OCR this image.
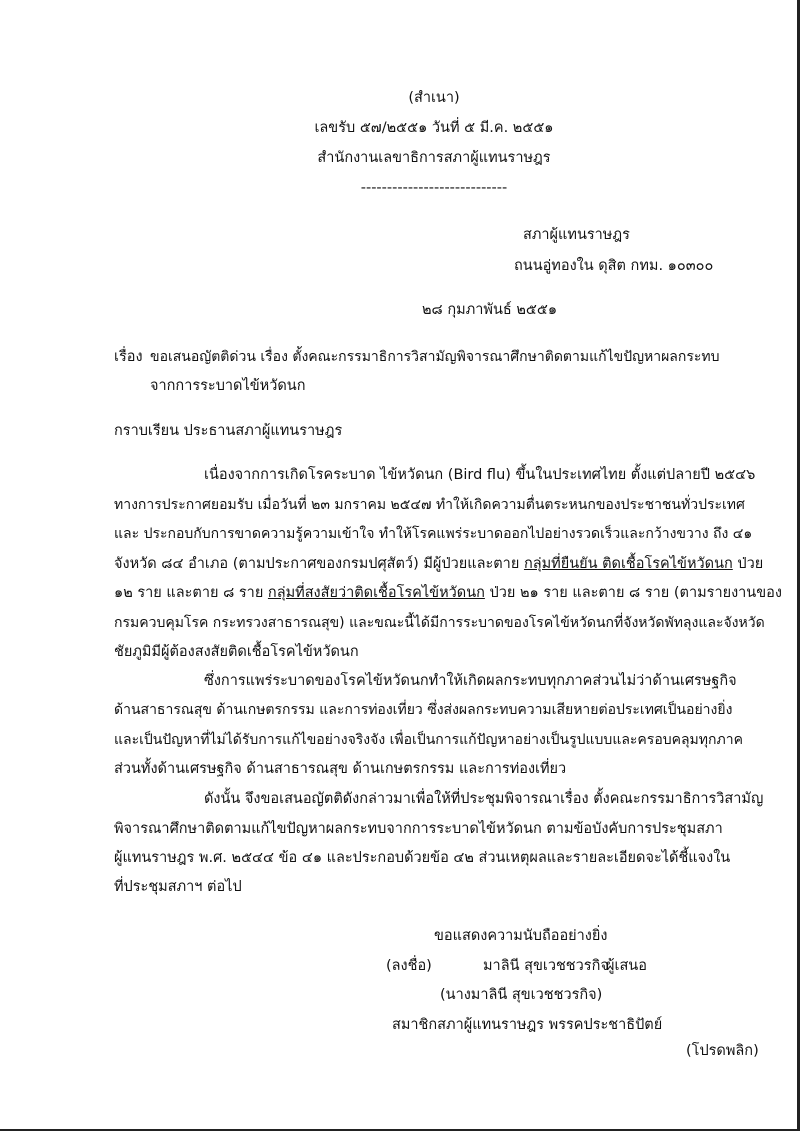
(สำเนา)
เลขรับ ๕๗/๒๕๕๑ วันที่ ๕ มี.ค. ๒๕๕๑
สำนักงานเลขาธิการสภาผู้แทนราษฎร
----------------------------
สภาผู้แทนราษฎร
ถนนอู่ทองใน ดุสิต กทม. ๑๐๓๐๐
๒๘ กุมภาพันธ์ ๒๕๕๑
เรื่อง ขอเสนอญัตติด่วน เรื่อง ตั้งคณะกรรมาธิการวิสามัญพิจารณาศึกษาติดตามแก้ไขปัญหาผลกระทบ
จากการระบาดไข้หวัดนก
กราบเรียน ประธานสภาผู้แทนราษฎร
เนื่องจากการเกิดโรคระบาด ไข้หวัดนก (Bird flu) ขึ้นในประเทศไทย ตั้งแต่ปลายปี ๒๕๔๖
ทางการประกาศยอมรับ เมื่อวันที่ ๒๓ มกราคม ๒๕๔๗ ทำให้เกิดความตื่นตระหนกของประชาชนทั่วประเทศ
และ ประกอบกับการขาดความรู้ความเข้าใจ ทำให้โรคแพร่ระบาดออกไปอย่างรวดเร็วและกว้างขวาง ถึง ๔๑
จังหวัด ๘๔ อำเภอ (ตามประกาศของกรมปศุสัตว์) มีผู้ป่วยและตาย กลุ่มที่ยืนยัน ติดเชื้อโรคไข้หวัดนก ป่วย
๑๒ ราย และตาย ๘ ราย กลุ่มที่สงสัยว่าติดเชื้อโรคไข้หวัดนก ป่วย ๒๑ ราย และตาย ๘ ราย (ตามรายงานของ
กรมควบคุมโรค กระทรวงสาธารณสุข) และขณะนี้ได้มีการระบาดของโรคไข้หวัดนกที่จังหวัดพัทลุงและจังหวัด
ชัยภูมิมีผู้ต้องสงสัยติดเชื้อโรคไข้หวัดนก
ซึ่งการแพร่ระบาดของโรคไข้หวัดนกทำให้เกิดผลกระทบทุกภาคส่วนไม่ว่าด้านเศรษฐกิจ
ด้านสาธารณสุข ด้านเกษตรกรรม และการท่องเที่ยว ซึ่งส่งผลกระทบความเสียหายต่อประเทศเป็นอย่างยิ่ง
และเป็นปัญหาที่ไม่ได้รับการแก้ไขอย่างจริงจัง เพื่อเป็นการแก้ปัญหาอย่างเป็นรูปแบบและครอบคลุมทุกภาค
ส่วนทั้งด้านเศรษฐกิจ ด้านสาธารณสุข ด้านเกษตรกรรม และการท่องเที่ยว
ดังนั้น จึงขอเสนอญัตติดังกล่าวมาเพื่อให้ที่ประชุมพิจารณาเรื่อง ตั้งคณะกรรมาธิการวิสามัญ
พิจารณาศึกษาติดตามแก้ไขปัญหาผลกระทบจากการระบาดไข้หวัดนก ตามข้อบังคับการประชุมสภา
ผู้แทนราษฎร พ.ศ. ๒๕๔๔ ข้อ ๔๑ และประกอบด้วยข้อ ๔๒ ส่วนเหตุผลและรายละเอียดจะได้ชี้แจงใน
ที่ประชุมสภาฯ ต่อไป
ขอแสดงความนับถืออย่างยิ่ง
(ลงชื่อ)	มาลินี สุขเวชชวรกิจ
ผู้เสนอ
(นางมาลินี สุขเวชชวรกิจ)
สมาชิกสภาผู้แทนราษฎร พรรคประชาธิปัตย์
(โปรดพลิก)
